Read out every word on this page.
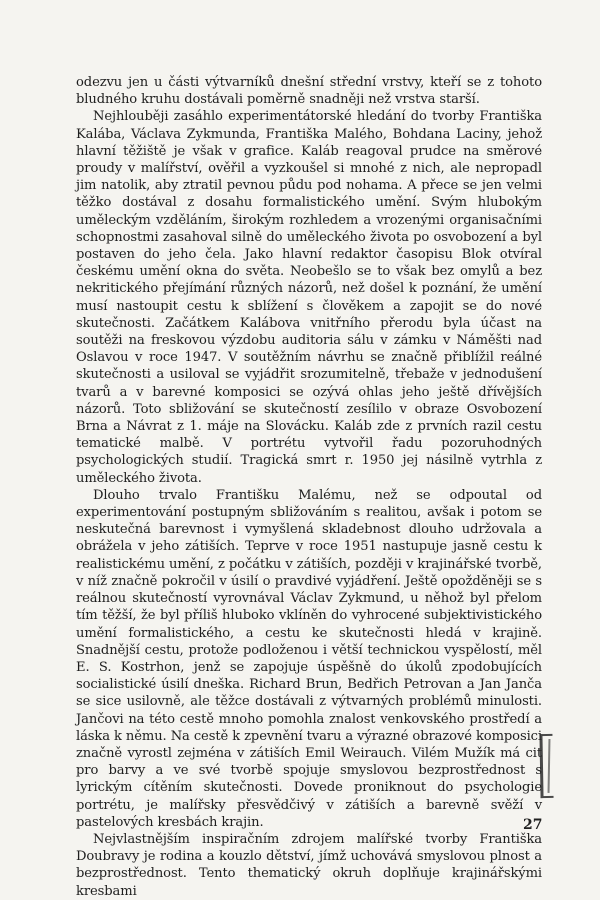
odezvu jen u části výtvarníků dnešní střední vrstvy, kteří se z tohoto bludného kruhu dostávali poměrně snadněji než vrstva starší.

Nejhlouběji zasáhlo experimentátorské hledání do tvorby Františka Kalába, Václava Zykmunda, Františka Malého, Bohdana Laciny, jehož hlavní těžiště je však v grafice. Kaláb reagoval prudce na směrové proudy v malířství, ověřil a vyzkoušel si mnohé z nich, ale nepropadl jim natolik, aby ztratil pevnou půdu pod nohama. A přece se jen velmi těžko dostával z dosahu formalistického umění. Svým hlubokým uměleckým vzděláním, širokým rozhledem a vrozenými organisačními schopnostmi zasahoval silně do uměleckého života po osvobození a byl postaven do jeho čela. Jako hlavní redaktor časopisu Blok otvíral českému umění okna do světa. Neobešlo se to však bez omylů a bez nekritického přejímání různých názorů, než došel k poznání, že umění musí nastoupit cestu k sblížení s člověkem a zapojit se do nové skutečnosti. Začátkem Kalábova vnitřního přerodu byla účast na soutěži na freskovou výzdobu auditoria sálu v zámku v Náměšti nad Oslavou v roce 1947. V soutěžním návrhu se značně přiblížil reálné skutečnosti a usiloval se vyjádřit srozumitelně, třebaže v jednodušení tvarů a v barevné komposici se ozývá ohlas jeho ještě dřívějších názorů. Toto sbližování se skutečností zesílilo v obraze Osvobození Brna a Návrat z 1. máje na Slovácku. Kaláb zde z prvních razil cestu tematické malbě. V portrétu vytvořil řadu pozoruhodných psychologických studií. Tragická smrt r. 1950 jej násilně vytrhla z uměleckého života.

Dlouho trvalo Františku Malému, než se odpoutal od experimentování postupným sbližováním s realitou, avšak i potom se neskutečná barevnost i vymyšlená skladebnost dlouho udržovala a obrážela v jeho zátiších. Teprve v roce 1951 nastupuje jasně cestu k realistickému umění, z počátku v zátiších, později v krajinářské tvorbě, v níž značně pokročil v úsilí o pravdivé vyjádření. Ještě opožděněji se s reálnou skutečností vyrovnával Václav Zykmund, u něhož byl přelom tím těžší, že byl příliš hluboko vklíněn do vyhrocené subjektivistického umění formalistického, a cestu ke skutečnosti hledá v krajině. Snadnější cestu, protože podloženou i větší technickou vyspělostí, měl E. S. Kostrhon, jenž se zapojuje úspěšně do úkolů zpodobujících socialistické úsilí dneška. Richard Brun, Bedřich Petrovan a Jan Janča se sice usilovně, ale těžce dostávali z výtvarných problémů minulosti. Jančovi na této cestě mnoho pomohla znalost venkovského prostředí a láska k němu. Na cestě k zpevnění tvaru a výrazné obrazové komposici značně vyrostl zejména v zátiších Emil Weirauch. Vilém Mužík má cit pro barvy a ve své tvorbě spojuje smyslovou bezprostřednost s lyrickým cítěním skutečnosti. Dovede proniknout do psychologie portrétu, je malířsky přesvědčivý v zátiších a barevně svěží v pastelových kresbách krajin.

Nejvlastnějším inspiračním zdrojem malířské tvorby Františka Doubravy je rodina a kouzlo dětství, jímž uchovává smyslovou plnost a bezprostřednost. Tento thematický okruh doplňuje krajinářskými kresbami

27
